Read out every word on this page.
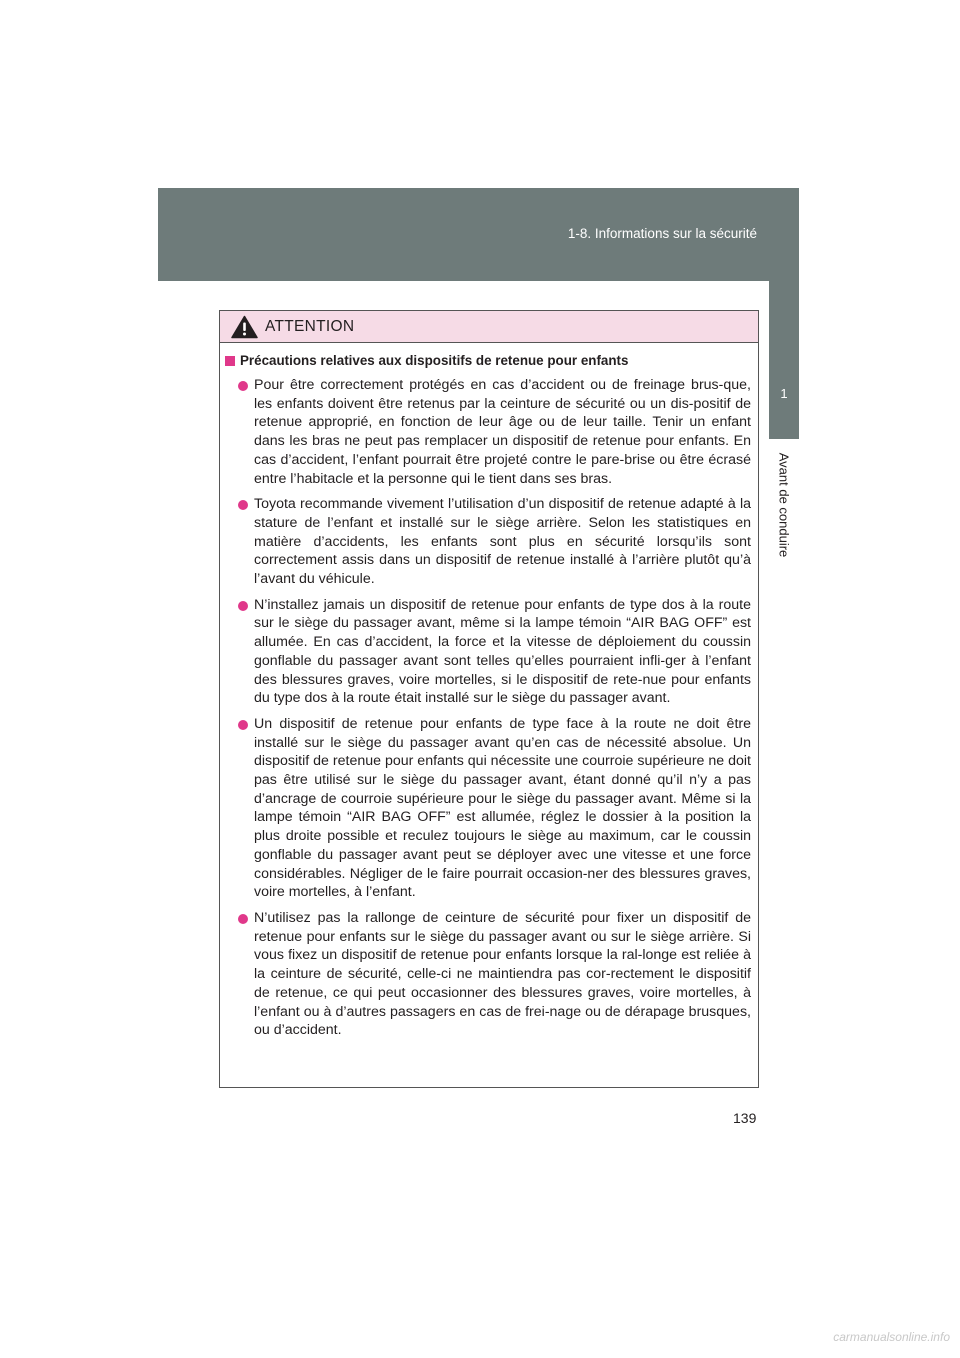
1-8. Informations sur la sécurité
1
Avant de conduire
ATTENTION
Précautions relatives aux dispositifs de retenue pour enfants
Pour être correctement protégés en cas d’accident ou de freinage brus-que, les enfants doivent être retenus par la ceinture de sécurité ou un dis-positif de retenue approprié, en fonction de leur âge ou de leur taille. Tenir un enfant dans les bras ne peut pas remplacer un dispositif de retenue pour enfants. En cas d’accident, l’enfant pourrait être projeté contre le pare-brise ou être écrasé entre l’habitacle et la personne qui le tient dans ses bras.
Toyota recommande vivement l’utilisation d’un dispositif de retenue adapté à la stature de l’enfant et installé sur le siège arrière. Selon les statistiques en matière d’accidents, les enfants sont plus en sécurité lorsqu’ils sont correctement assis dans un dispositif de retenue installé à l’arrière plutôt qu’à l’avant du véhicule.
N’installez jamais un dispositif de retenue pour enfants de type dos à la route sur le siège du passager avant, même si la lampe témoin “AIR BAG OFF” est allumée. En cas d’accident, la force et la vitesse de déploiement du coussin gonflable du passager avant sont telles qu’elles pourraient infli-ger à l’enfant des blessures graves, voire mortelles, si le dispositif de rete-nue pour enfants du type dos à la route était installé sur le siège du passager avant.
Un dispositif de retenue pour enfants de type face à la route ne doit être installé sur le siège du passager avant qu’en cas de nécessité absolue. Un dispositif de retenue pour enfants qui nécessite une courroie supérieure ne doit pas être utilisé sur le siège du passager avant, étant donné qu’il n’y a pas d’ancrage de courroie supérieure pour le siège du passager avant. Même si la lampe témoin “AIR BAG OFF” est allumée, réglez le dossier à la position la plus droite possible et reculez toujours le siège au maximum, car le coussin gonflable du passager avant peut se déployer avec une vitesse et une force considérables. Négliger de le faire pourrait occasion-ner des blessures graves, voire mortelles, à l’enfant.
N’utilisez pas la rallonge de ceinture de sécurité pour fixer un dispositif de retenue pour enfants sur le siège du passager avant ou sur le siège arrière. Si vous fixez un dispositif de retenue pour enfants lorsque la ral-longe est reliée à la ceinture de sécurité, celle-ci ne maintiendra pas cor-rectement le dispositif de retenue, ce qui peut occasionner des blessures graves, voire mortelles, à l’enfant ou à d’autres passagers en cas de frei-nage ou de dérapage brusques, ou d’accident.
139
carmanualsonline.info
